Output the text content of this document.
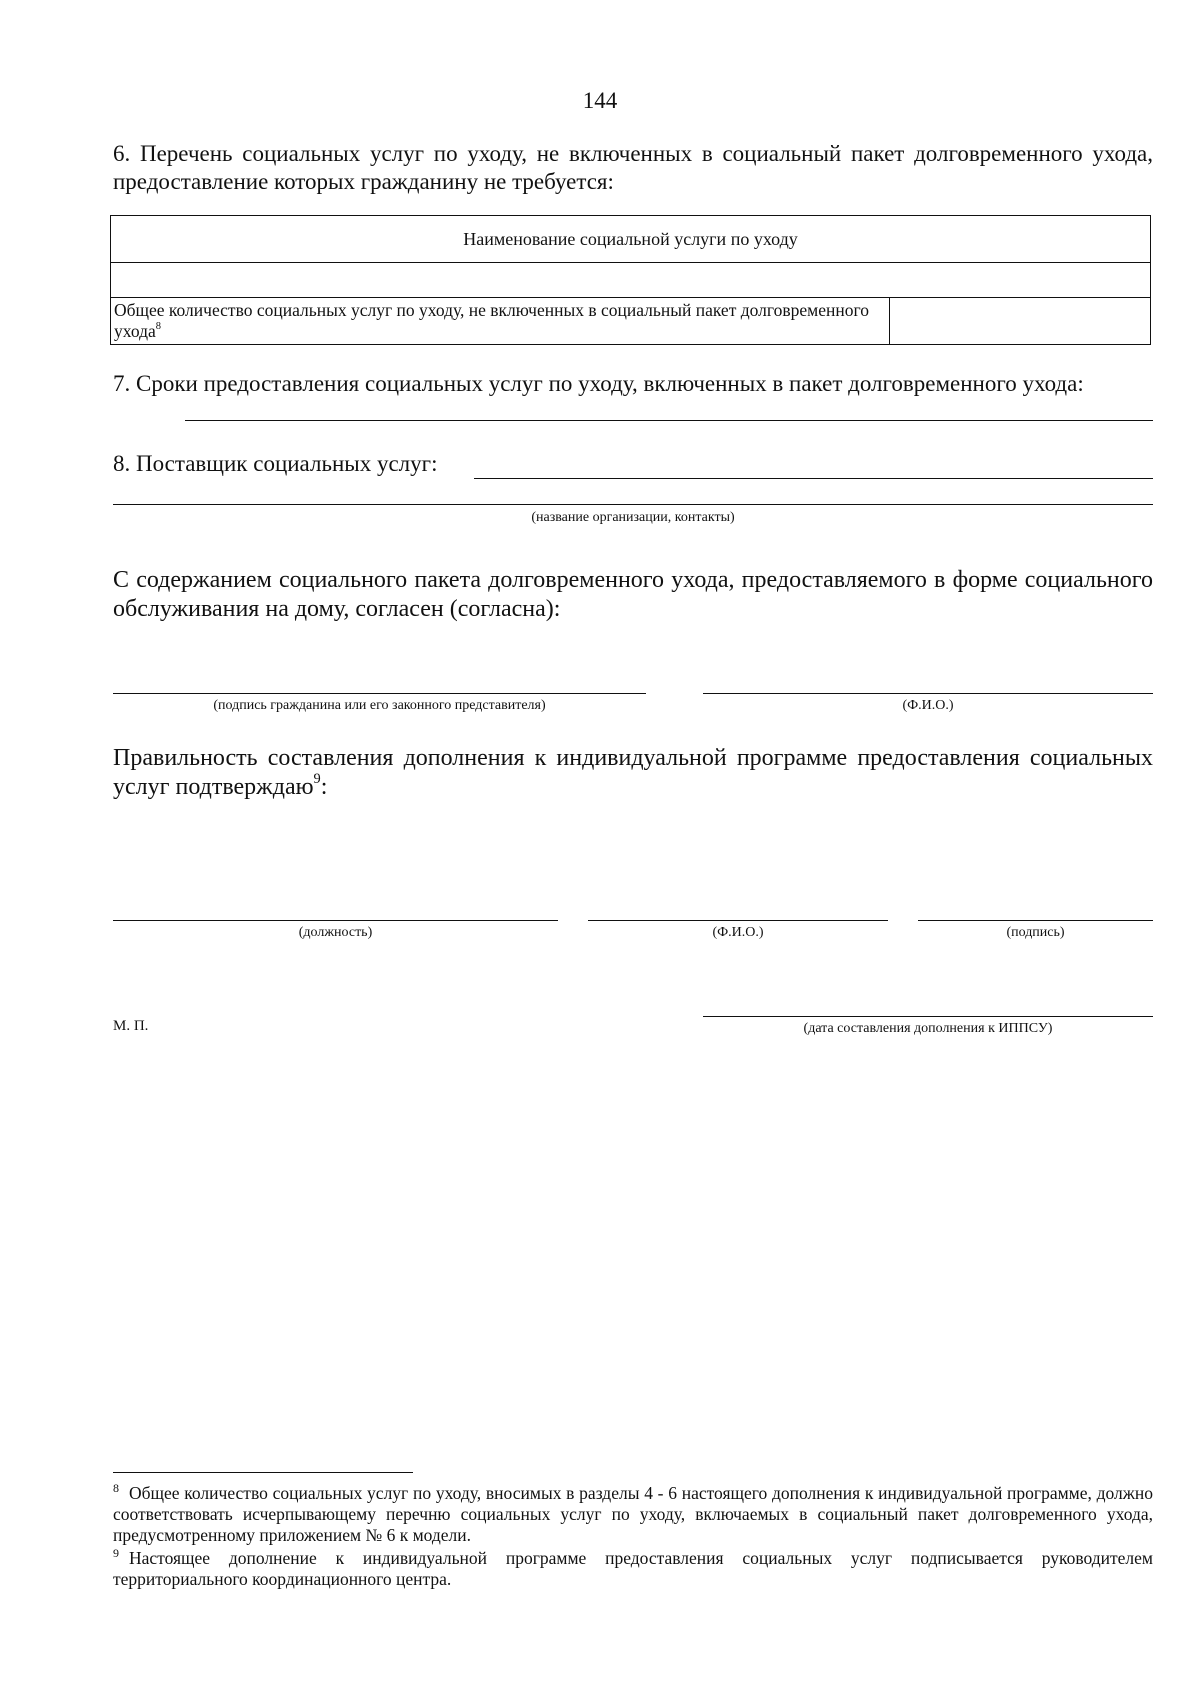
144
6. Перечень социальных услуг по уходу, не включенных в социальный пакет долговременного ухода, предоставление которых гражданину не требуется:
Наименование социальной услуги по уходу
Общее количество социальных услуг по уходу, не включенных в социальный пакет долговременного ухода$^8$
7. Сроки предоставления социальных услуг по уходу, включенных в пакет долговременного ухода:
8. Поставщик социальных услуг:
(название организации, контакты)
С содержанием социального пакета долговременного ухода, предоставляемого в форме социального обслуживания на дому, согласен (согласна):
(подпись гражданина или его законного представителя)	(Ф.И.О.)
Правильность составления дополнения к индивидуальной программе предоставления социальных услуг подтверждаю$^9$:
(должность)	(Ф.И.О.)	(подпись)
М. П.	(дата составления дополнения к ИППСУ)
$^8$ Общее количество социальных услуг по уходу, вносимых в разделы 4 - 6 настоящего дополнения к индивидуальной программе, должно соответствовать исчерпывающему перечню социальных услуг по уходу, включаемых в социальный пакет долговременного ухода, предусмотренному приложением № 6 к модели.
$^9$ Настоящее дополнение к индивидуальной программе предоставления социальных услуг подписывается руководителем территориального координационного центра.
